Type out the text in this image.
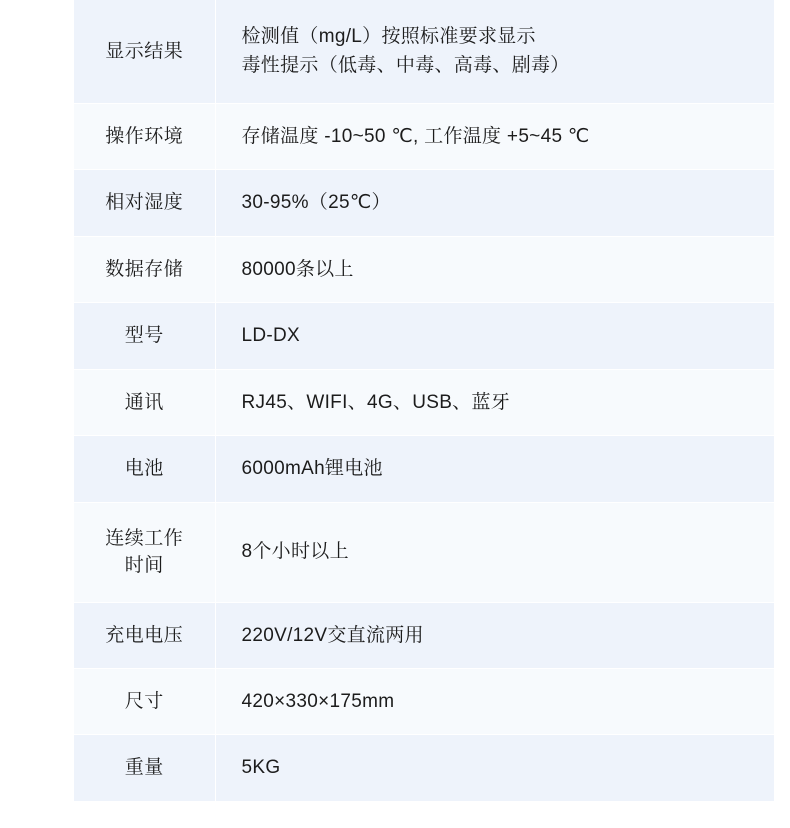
显示结果	检测值（mg/L）按照标准要求显示
毒性提示（低毒、中毒、高毒、剧毒）

操作环境	存储温度 -10~50 ℃, 工作温度 +5~45 ℃

相对湿度	30-95%（25℃）

数据存储	80000条以上

型号	LD-DX

通讯	RJ45、WIFI、4G、USB、蓝牙

电池	6000mAh锂电池

连续工作
时间	8个小时以上

充电电压	220V/12V交直流两用

尺寸	420×330×175mm

重量	5KG
